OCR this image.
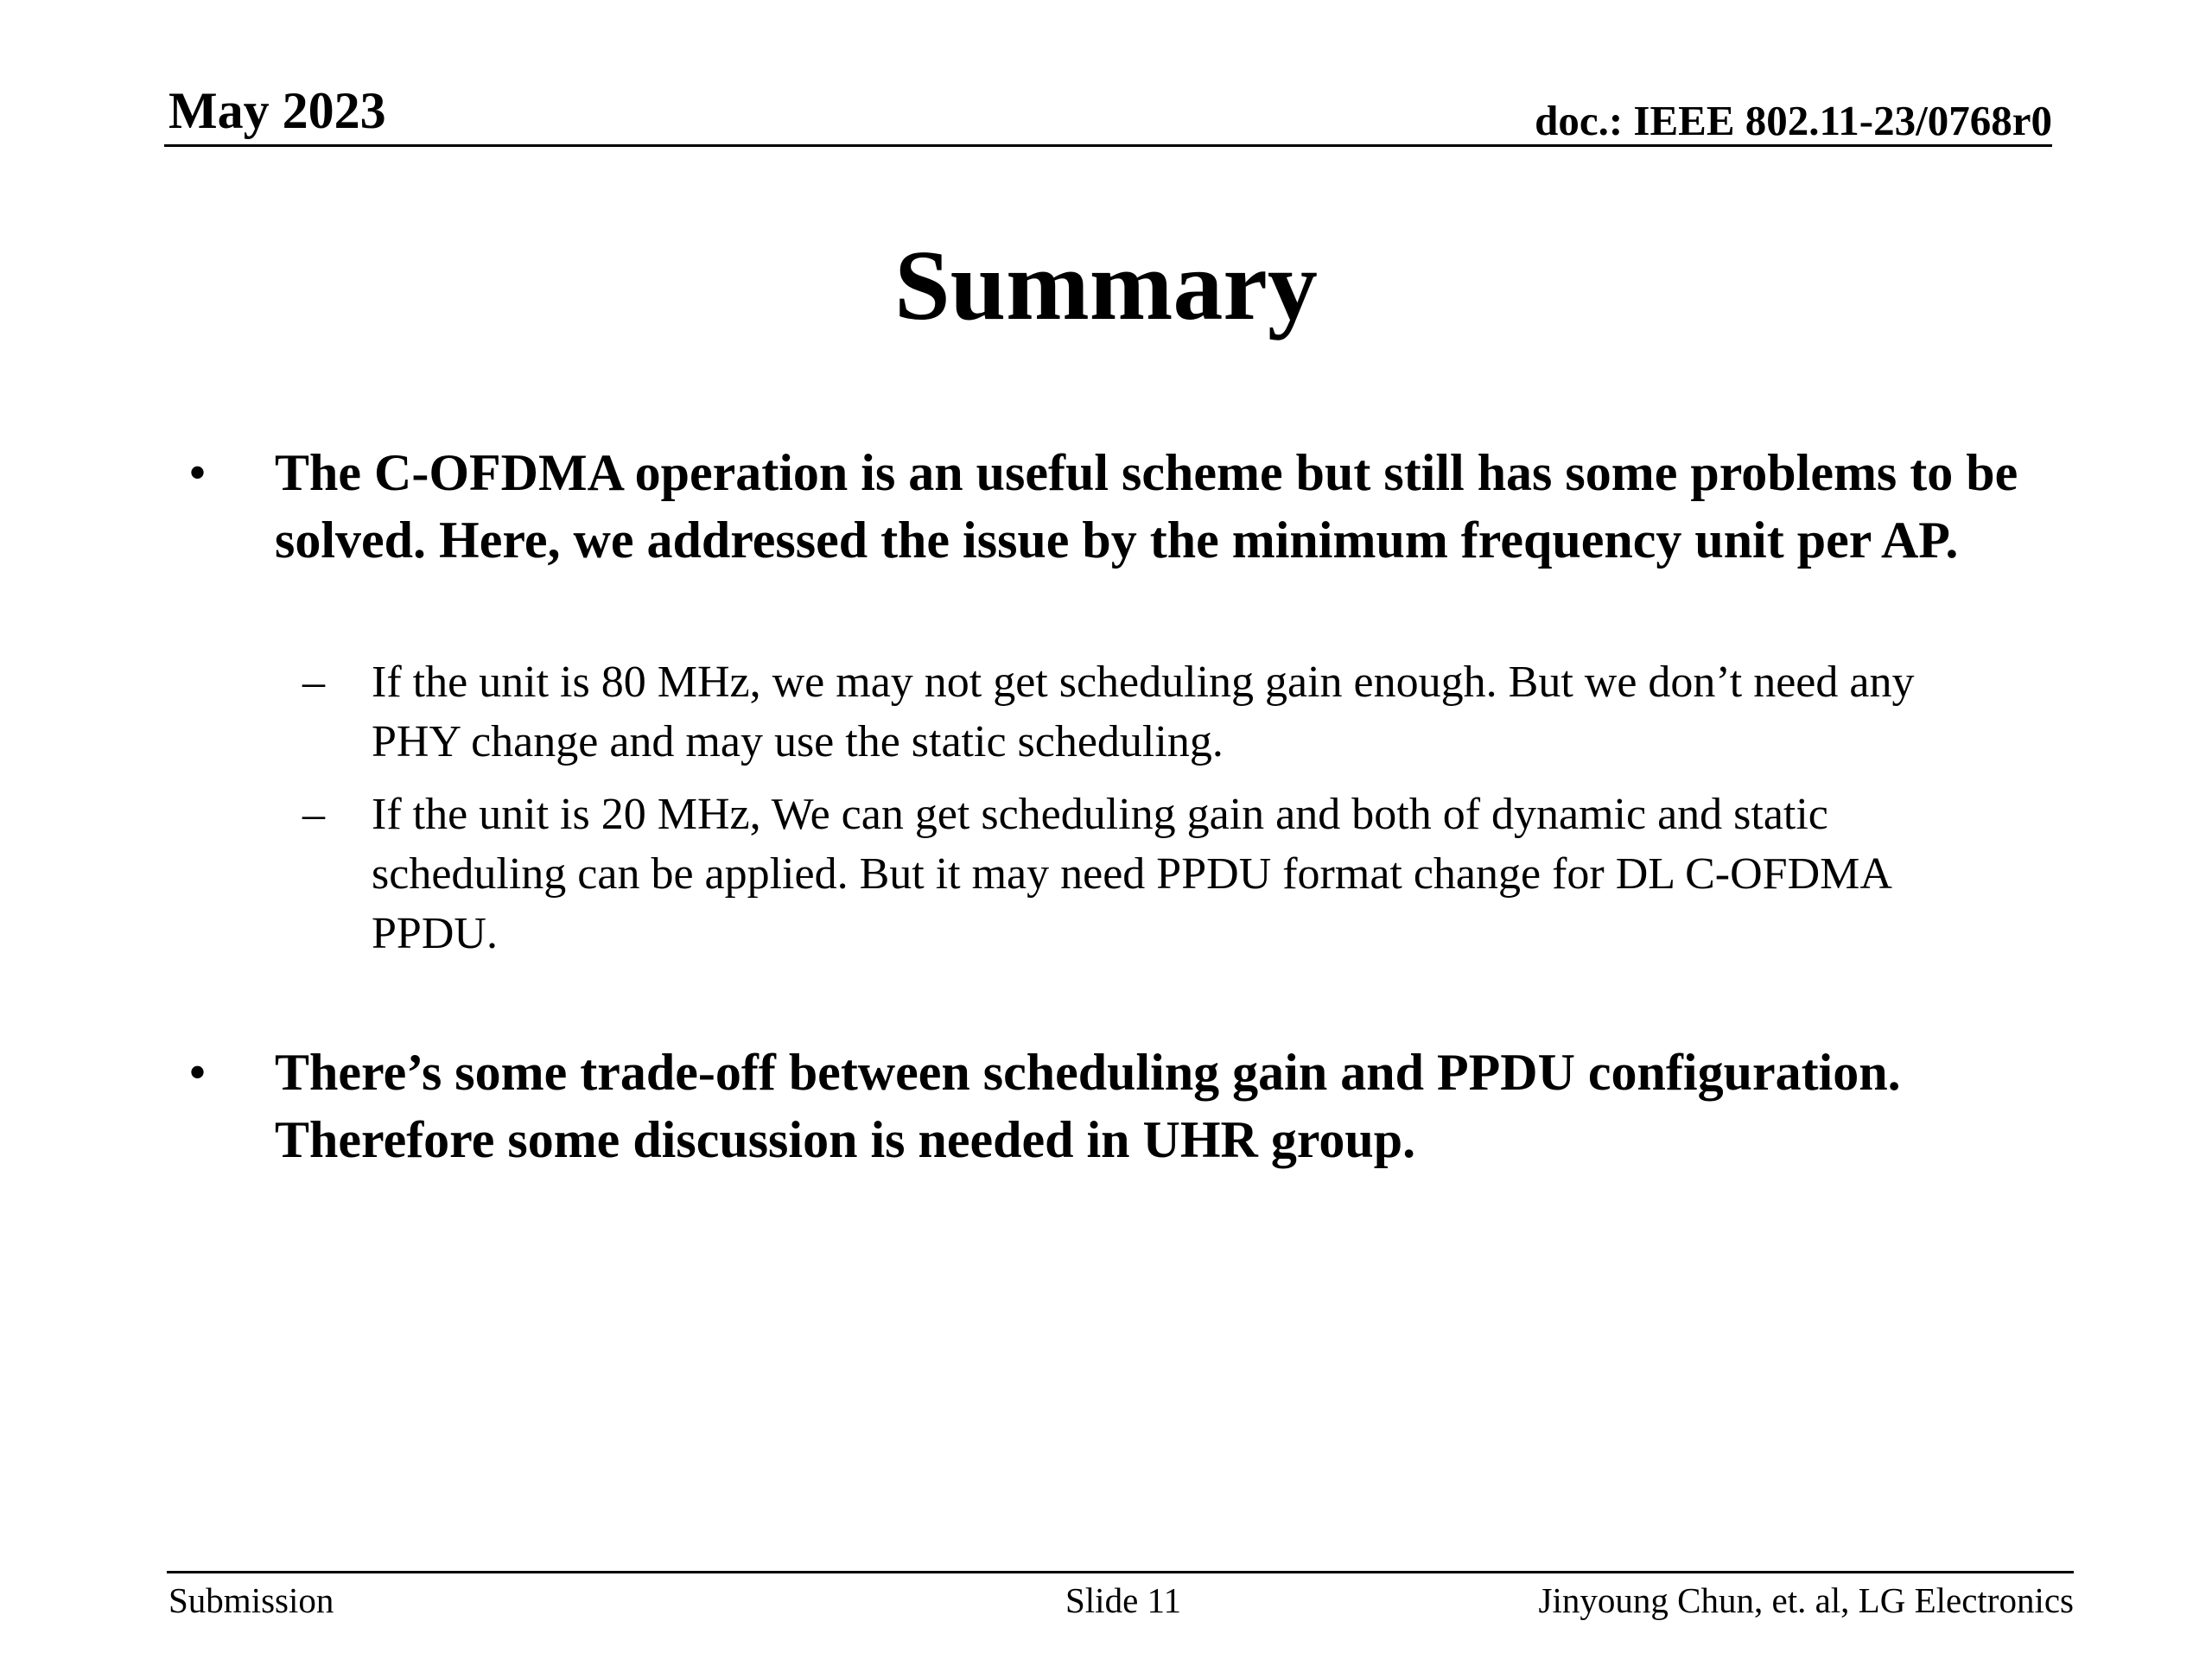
May 2023	doc.: IEEE 802.11-23/0768r0
Summary
• The C-OFDMA operation is an useful scheme but still has some problems to be solved. Here, we addressed the issue by the minimum frequency unit per AP.
– If the unit is 80 MHz, we may not get scheduling gain enough. But we don’t need any PHY change and may use the static scheduling.
– If the unit is 20 MHz, We can get scheduling gain and both of dynamic and static scheduling can be applied. But it may need PPDU format change for DL C-OFDMA PPDU.
• There’s some trade-off between scheduling gain and PPDU configuration. Therefore some discussion is needed in UHR group.
Submission	Slide 11	Jinyoung Chun, et. al, LG Electronics
